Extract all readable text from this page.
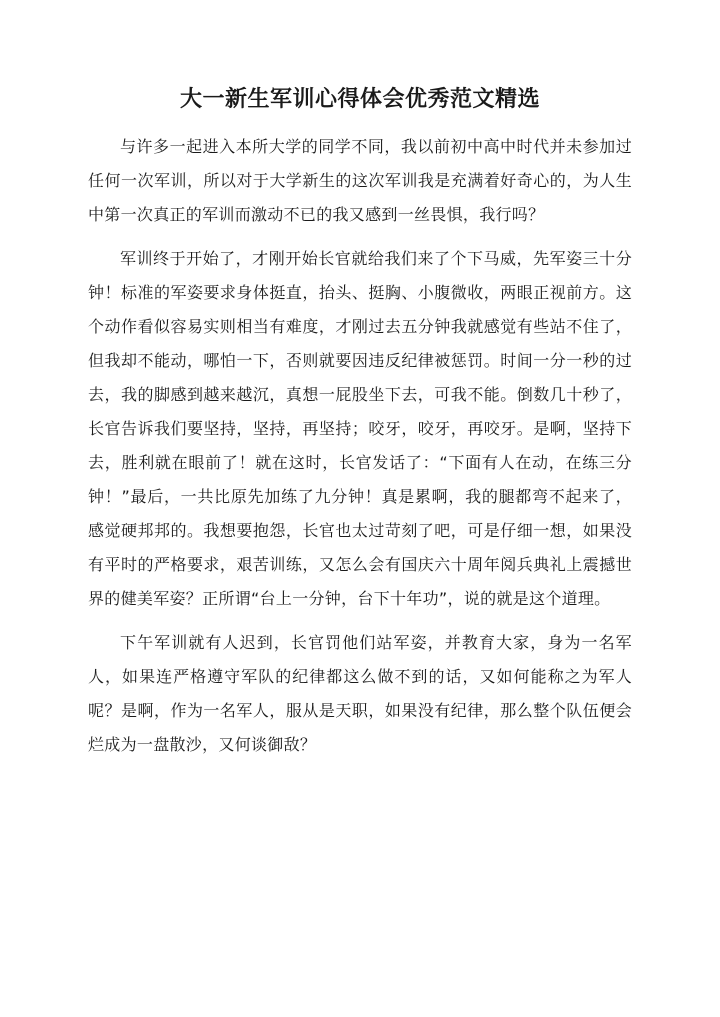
大一新生军训心得体会优秀范文精选

与许多一起进入本所大学的同学不同，我以前初中高中时代并未参加过任何一次军训，所以对于大学新生的这次军训我是充满着好奇心的，为人生中第一次真正的军训而激动不已的我又感到一丝畏惧，我行吗？

军训终于开始了，才刚开始长官就给我们来了个下马威，先军姿三十分钟！标准的军姿要求身体挺直，抬头、挺胸、小腹微收，两眼正视前方。这个动作看似容易实则相当有难度，才刚过去五分钟我就感觉有些站不住了，但我却不能动，哪怕一下，否则就要因违反纪律被惩罚。时间一分一秒的过去，我的脚感到越来越沉，真想一屁股坐下去，可我不能。倒数几十秒了，长官告诉我们要坚持，坚持，再坚持；咬牙，咬牙，再咬牙。是啊，坚持下去，胜利就在眼前了！就在这时，长官发话了：“下面有人在动，在练三分钟！”最后，一共比原先加练了九分钟！真是累啊，我的腿都弯不起来了，感觉硬邦邦的。我想要抱怨，长官也太过苛刻了吧，可是仔细一想，如果没有平时的严格要求，艰苦训练，又怎么会有国庆六十周年阅兵典礼上震撼世界的健美军姿？正所谓“台上一分钟，台下十年功”，说的就是这个道理。

下午军训就有人迟到，长官罚他们站军姿，并教育大家，身为一名军人，如果连严格遵守军队的纪律都这么做不到的话，又如何能称之为军人呢？是啊，作为一名军人，服从是天职，如果没有纪律，那么整个队伍便会烂成为一盘散沙，又何谈御敌？
